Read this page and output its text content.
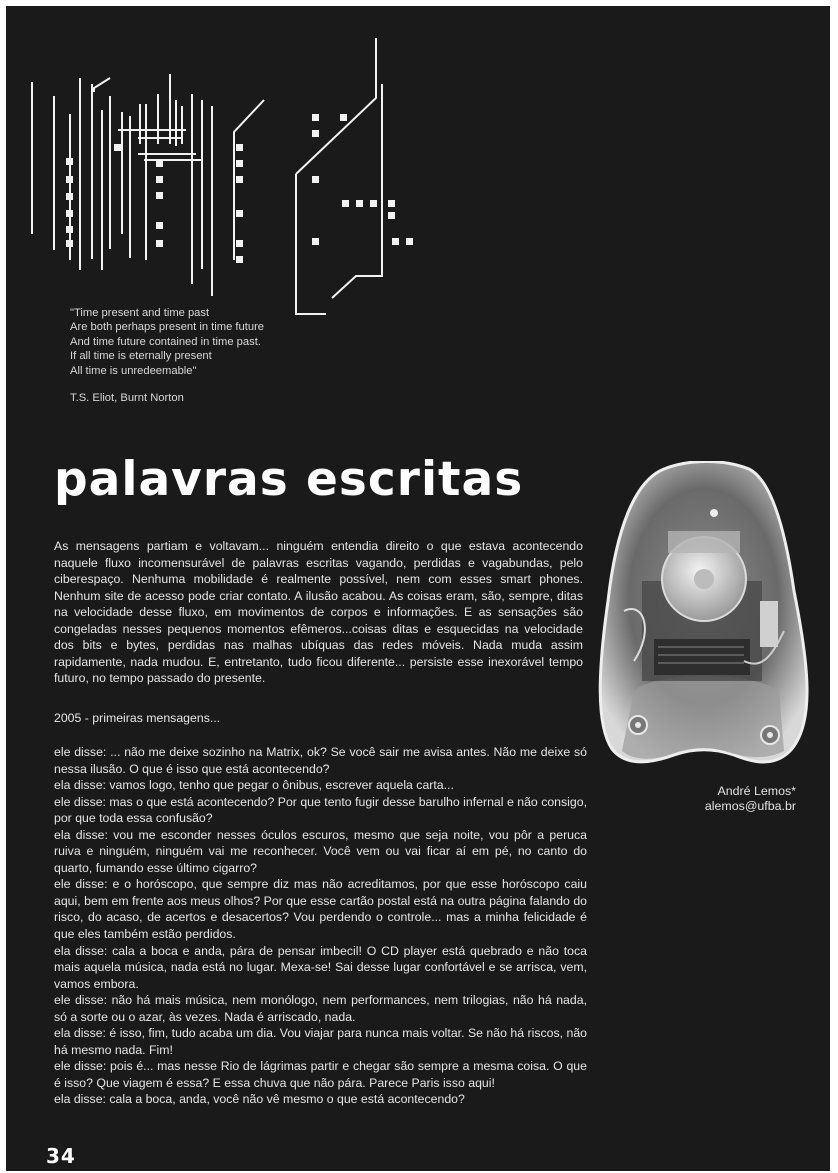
"Time present and time past
Are both perhaps present in time future
And time future contained in time past.
If all time is eternally present
All time is unredeemable"
T.S. Eliot, Burnt Norton
palavras escritas

As mensagens partiam e voltavam... ninguém entendia direito o que estava acontecendo naquele fluxo incomensurável de palavras escritas vagando, perdidas e vagabundas, pelo ciberespaço. Nenhuma mobilidade é realmente possível, nem com esses smart phones. Nenhum site de acesso pode criar contato. A ilusão acabou. As coisas eram, são, sempre, ditas na velocidade desse fluxo, em movimentos de corpos e informações. E as sensações são congeladas nesses pequenos momentos efêmeros...coisas ditas e esquecidas na velocidade dos bits e bytes, perdidas nas malhas ubíquas das redes móveis. Nada muda assim rapidamente, nada mudou. E, entretanto, tudo ficou diferente... persiste esse inexorável tempo futuro, no tempo passado do presente.

2005 - primeiras mensagens...
ele disse: ... não me deixe sozinho na Matrix, ok? Se você sair me avisa antes. Não me deixe só nessa ilusão. O que é isso que está acontecendo?
ela disse: vamos logo, tenho que pegar o ônibus, escrever aquela carta...
ele disse: mas o que está acontecendo? Por que tento fugir desse barulho infernal e não consigo, por que toda essa confusão?
ela disse: vou me esconder nesses óculos escuros, mesmo que seja noite, vou pôr a peruca ruiva e ninguém, ninguém vai me reconhecer. Você vem ou vai ficar aí em pé, no canto do quarto, fumando esse último cigarro?
ele disse: e o horóscopo, que sempre diz mas não acreditamos, por que esse horóscopo caiu aqui, bem em frente aos meus olhos? Por que esse cartão postal está na outra página falando do risco, do acaso, de acertos e desacertos? Vou perdendo o controle... mas a minha felicidade é que eles também estão perdidos.
ela disse: cala a boca e anda, pára de pensar imbecil! O CD player está quebrado e não toca mais aquela música, nada está no lugar. Mexa-se! Sai desse lugar confortável e se arrisca, vem, vamos embora.
ele disse: não há mais música, nem monólogo, nem performances, nem trilogias, não há nada, só a sorte ou o azar, às vezes. Nada é arriscado, nada.
ela disse: é isso, fim, tudo acaba um dia. Vou viajar para nunca mais voltar. Se não há riscos, não há mesmo nada. Fim!
ele disse: pois é... mas nesse Rio de lágrimas partir e chegar são sempre a mesma coisa. O que é isso? Que viagem é essa? E essa chuva que não pára. Parece Paris isso aqui!
ela disse: cala a boca, anda, você não vê mesmo o que está acontecendo?
André Lemos*
alemos@ufba.br
34
